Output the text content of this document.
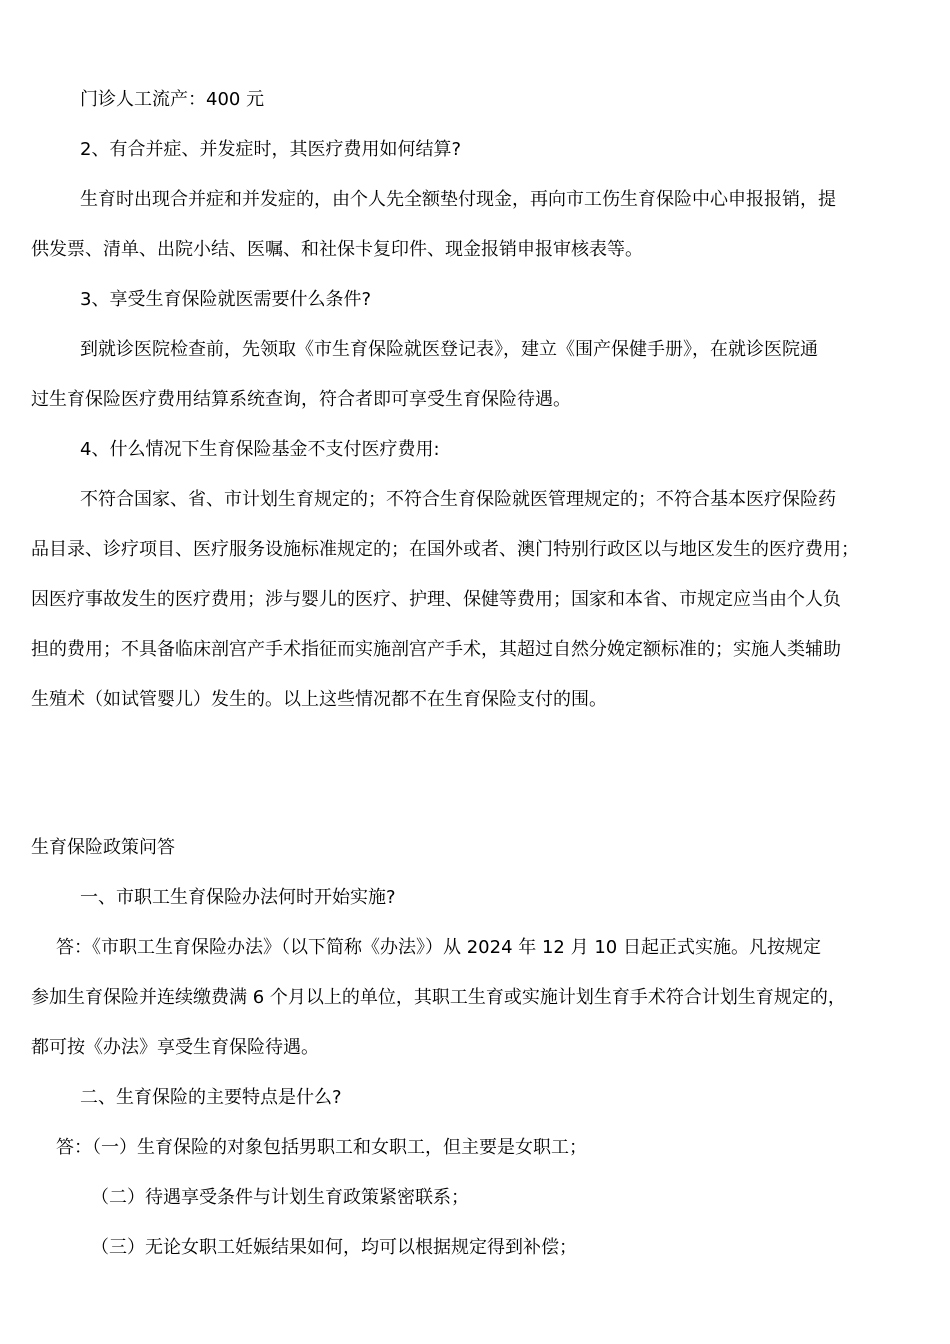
门诊人工流产：400 元
2、有合并症、并发症时，其医疗费用如何结算?
生育时出现合并症和并发症的，由个人先全额垫付现金，再向市工伤生育保险中心申报报销，提
供发票、清单、出院小结、医嘱、和社保卡复印件、现金报销申报审核表等。
3、享受生育保险就医需要什么条件?
到就诊医院检查前，先领取《市生育保险就医登记表》，建立《围产保健手册》，在就诊医院通
过生育保险医疗费用结算系统查询，符合者即可享受生育保险待遇。
4、什么情况下生育保险基金不支付医疗费用:
不符合国家、省、市计划生育规定的；不符合生育保险就医管理规定的；不符合基本医疗保险药
品目录、诊疗项目、医疗服务设施标准规定的；在国外或者、澳门特别行政区以与地区发生的医疗费用；
因医疗事故发生的医疗费用；涉与婴儿的医疗、护理、保健等费用；国家和本省、市规定应当由个人负
担的费用；不具备临床剖宫产手术指征而实施剖宫产手术，其超过自然分娩定额标准的；实施人类辅助
生殖术（如试管婴儿）发生的。以上这些情况都不在生育保险支付的围。
生育保险政策问答
一、市职工生育保险办法何时开始实施?
答：《市职工生育保险办法》（以下简称《办法》）从 2024 年 12 月 10 日起正式实施。凡按规定
参加生育保险并连续缴费满 6 个月以上的单位，其职工生育或实施计划生育手术符合计划生育规定的，
都可按《办法》享受生育保险待遇。
二、生育保险的主要特点是什么?
答：（一）生育保险的对象包括男职工和女职工，但主要是女职工；
（二）待遇享受条件与计划生育政策紧密联系；
（三）无论女职工妊娠结果如何，均可以根据规定得到补偿；
